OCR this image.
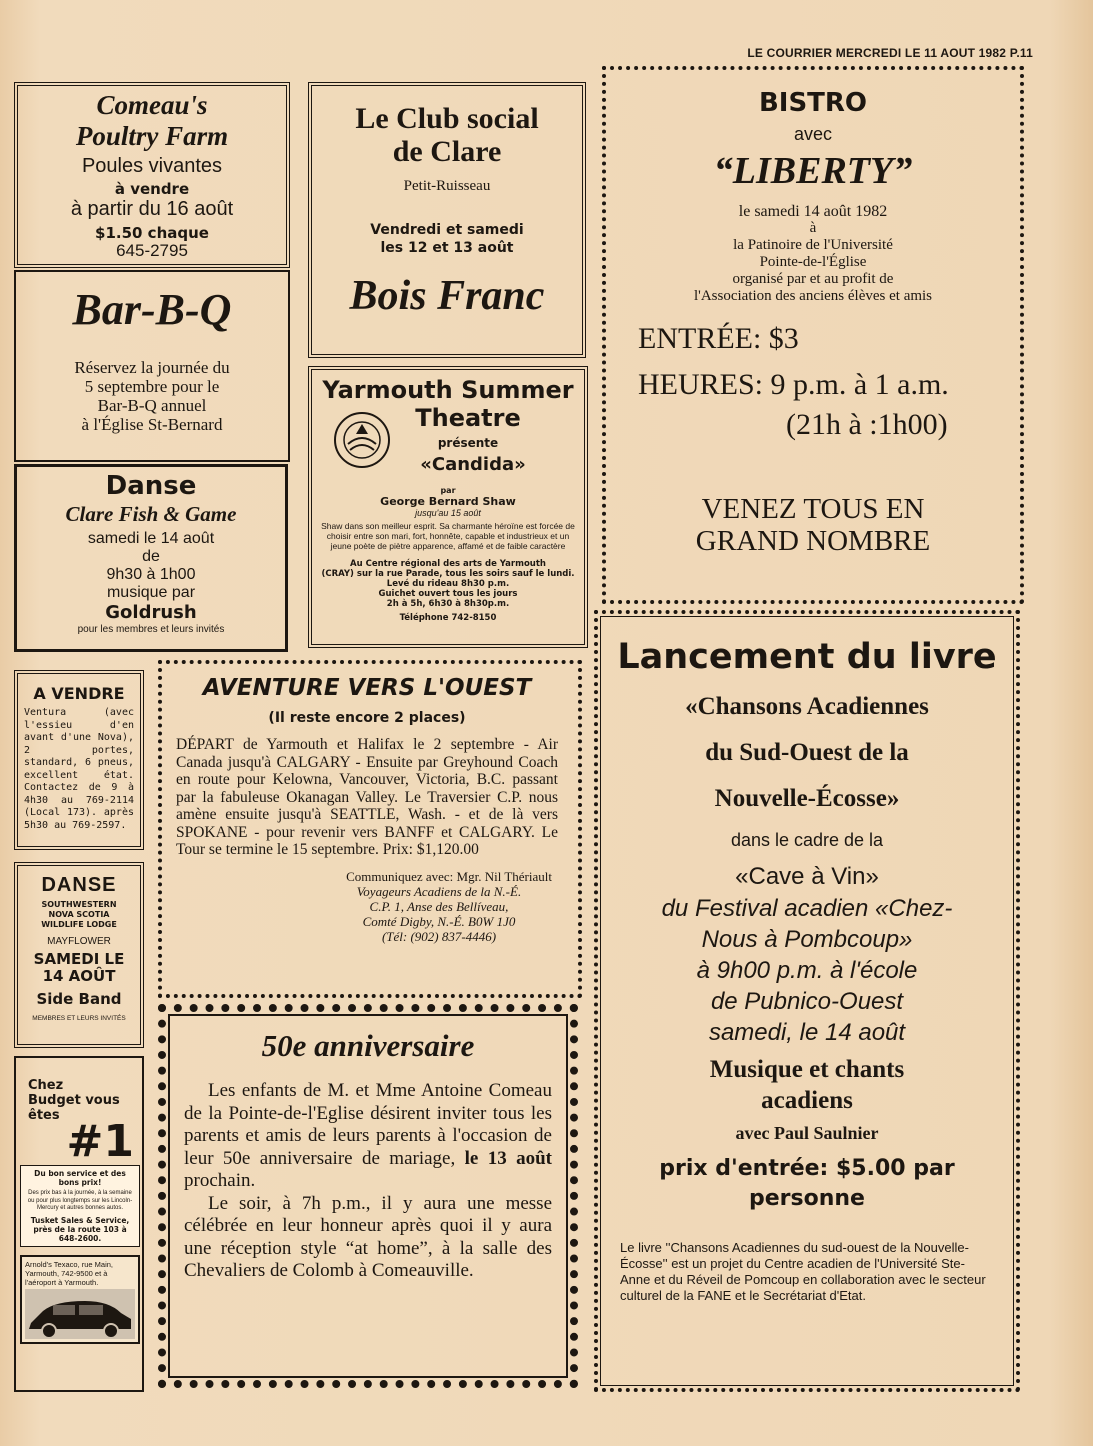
LE COURRIER MERCREDI LE 11 AOUT 1982 P.11
Comeau's
Poultry Farm
Poules vivantes
à vendre
à partir du 16 août
$1.50 chaque
645-2795
Bar-B-Q
Réservez la journée du
5 septembre pour le
Bar-B-Q annuel
à l'Église St-Bernard
Danse
Clare Fish & Game
samedi le 14 août
de
9h30 à 1h00
musique par
Goldrush
pour les membres et leurs invités
Le Club social
de Clare
Petit-Ruisseau
Vendredi et samedi
les 12 et 13 août
Bois Franc
Yarmouth Summer
Theatre
présente
«Candida»
par
George Bernard Shaw
jusqu'au 15 août
Shaw dans son meilleur esprit. Sa charmante héroïne est forcée de choisir entre son mari, fort, honnête, capable et industrieux et un jeune poète de piètre apparence, affamé et de faible caractère
Au Centre régional des arts de Yarmouth
(CRAY) sur la rue Parade, tous les soirs sauf le lundi.
Levé du rideau 8h30 p.m.
Guichet ouvert tous les jours
2h à 5h, 6h30 à 8h30p.m.
Téléphone 742-8150
BISTRO
avec
“LIBERTY”
le samedi 14 août 1982
à
la Patinoire de l'Université
Pointe-de-l'Église
organisé par et au profit de
l'Association des anciens élèves et amis
ENTRÉE: $3
HEURES: 9 p.m. à 1 a.m.
(21h à :1h00)
VENEZ TOUS EN
GRAND NOMBRE
A VENDRE
Ventura (avec l'essieu d'en avant d'une Nova), 2 portes, standard, 6 pneus, excellent état. Contactez de 9 à 4h30 au 769-2114 (Local 173). après 5h30 au 769-2597.
AVENTURE VERS L'OUEST
(Il reste encore 2 places)
DÉPART de Yarmouth et Halifax le 2 septembre - Air Canada jusqu'à CALGARY - Ensuite par Greyhound Coach en route pour Kelowna, Vancouver, Victoria, B.C. passant par la fabuleuse Okanagan Valley. Le Traversier C.P. nous amène ensuite jusqu'à SEATTLE, Wash. - et de là vers SPOKANE - pour revenir vers BANFF et CALGARY. Le Tour se termine le 15 septembre. Prix: $1,120.00
Communiquez avec: Mgr. Nil Thériault
Voyageurs Acadiens de la N.-É.
C.P. 1, Anse des Bellíveau,
Comté Digby, N.-É. B0W 1J0
(Tél: (902) 837-4446)
DANSE
SOUTHWESTERN
NOVA SCOTIA
WILDLIFE LODGE
MAYFLOWER
SAMEDI LE
14 AOÛT
Side Band
MEMBRES ET LEURS INVITÉS
Chez
Budget vous
êtes
#1
Du bon service et des
bons prix!
Des prix bas à la journée, à la semaine ou pour plus longtemps sur les Lincoln-Mercury et autres bonnes autos.
Tusket Sales & Service, près de la route 103 à 648-2600.
Arnold's Texaco, rue Main, Yarmouth, 742-9500 et à l'aéroport à Yarmouth.
50e anniversaire
Les enfants de M. et Mme Antoine Comeau de la Pointe-de-l'Eglise désirent inviter tous les parents et amis de leurs parents à l'occasion de leur 50e anniversaire de mariage, le 13 août prochain.
Le soir, à 7h p.m., il y aura une messe célébrée en leur honneur après quoi il y aura une réception style “at home”, à la salle des Chevaliers de Colomb à Comeauville.
Lancement du livre
«Chansons Acadiennes
du Sud-Ouest de la
Nouvelle-Écosse»
dans le cadre de la
«Cave à Vin»
du Festival acadien «Chez-
Nous à Pombcoup»
à 9h00 p.m. à l'école
de Pubnico-Ouest
samedi, le 14 août
Musique et chants
acadiens
avec Paul Saulnier
prix d'entrée: $5.00 par
personne
Le livre ''Chansons Acadiennes du sud-ouest de la Nouvelle-Écosse'' est un projet du Centre acadien de l'Université Ste-Anne et du Réveil de Pomcoup en collaboration avec le secteur culturel de la FANE et le Secrétariat d'Etat.
